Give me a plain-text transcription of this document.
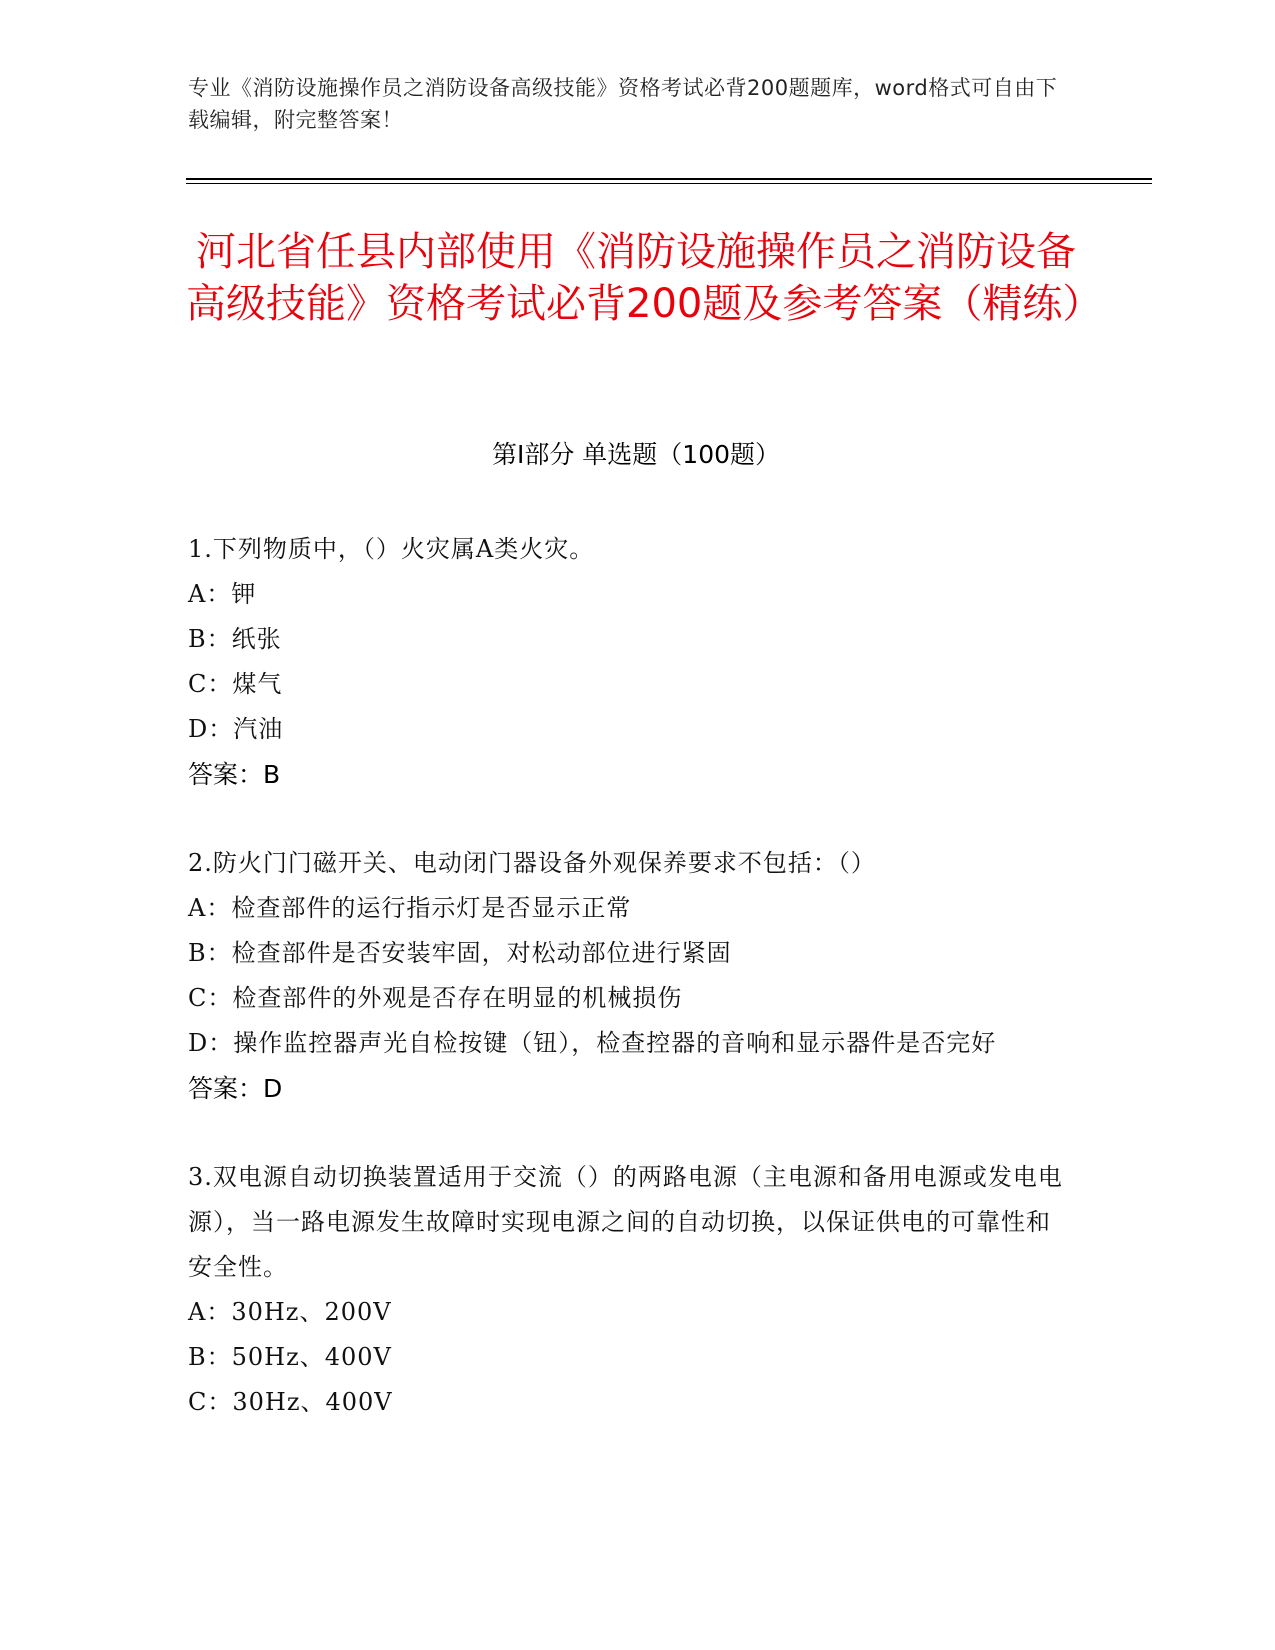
专业《消防设施操作员之消防设备高级技能》资格考试必背200题题库，word格式可自由下载编辑，附完整答案！
河北省任县内部使用《消防设施操作员之消防设备高级技能》资格考试必背200题及参考答案（精练）
第I部分 单选题（100题）
1.下列物质中，（）火灾属A类火灾。
A：钾
B：纸张
C：煤气
D：汽油
答案：B
2.防火门门磁开关、电动闭门器设备外观保养要求不包括：（）
A：检查部件的运行指示灯是否显示正常
B：检查部件是否安装牢固，对松动部位进行紧固
C：检查部件的外观是否存在明显的机械损伤
D：操作监控器声光自检按键（钮），检查控器的音响和显示器件是否完好
答案：D
3.双电源自动切换装置适用于交流（）的两路电源（主电源和备用电源或发电电源），当一路电源发生故障时实现电源之间的自动切换，以保证供电的可靠性和安全性。
A：30Hz、200V
B：50Hz、400V
C：30Hz、400V
